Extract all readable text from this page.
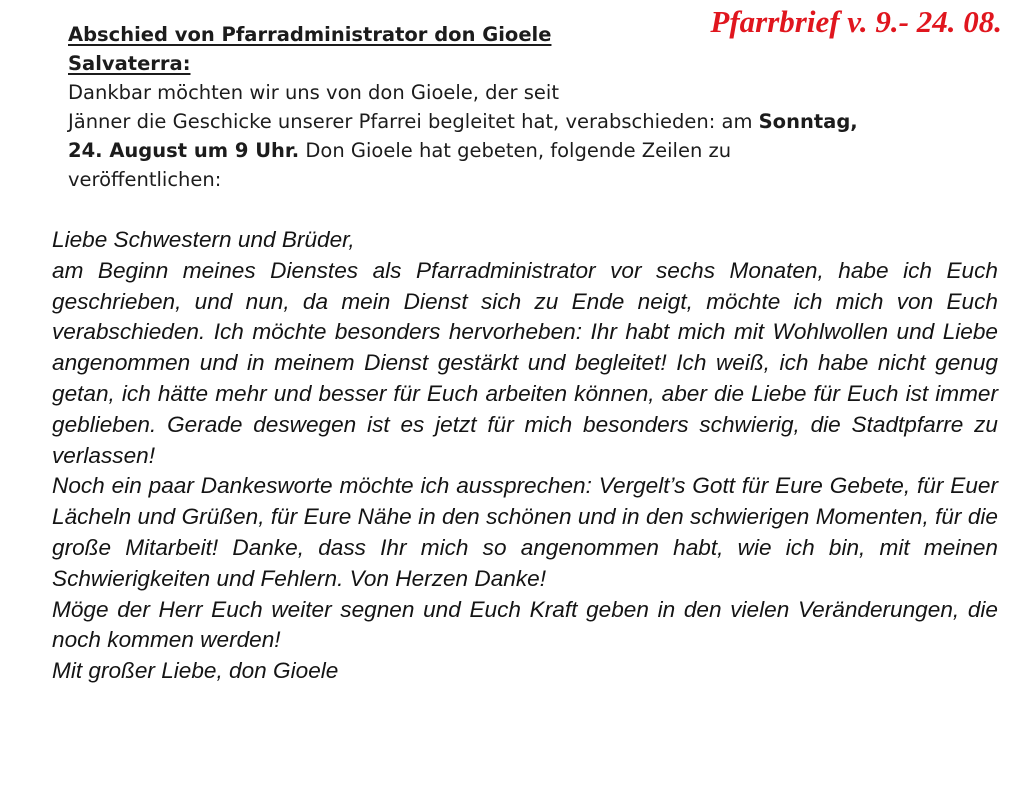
Pfarrbrief v. 9.- 24. 08.
Abschied von Pfarradministrator don Gioele
Salvaterra:
Dankbar möchten wir uns von don Gioele, der seit
Jänner die Geschicke unserer Pfarrei begleitet hat, verabschieden: am Sonntag,
24. August um 9 Uhr. Don Gioele hat gebeten, folgende Zeilen zu
veröffentlichen:

Liebe Schwestern und Brüder,

am Beginn meines Dienstes als Pfarradministrator vor sechs Monaten, habe ich Euch geschrieben, und nun, da mein Dienst sich zu Ende neigt, möchte ich mich von Euch verabschieden. Ich möchte besonders hervorheben: Ihr habt mich mit Wohlwollen und Liebe angenommen und in meinem Dienst gestärkt und begleitet! Ich weiß, ich habe nicht genug getan, ich hätte mehr und besser für Euch arbeiten können, aber die Liebe für Euch ist immer geblieben. Gerade deswegen ist es jetzt für mich besonders schwierig, die Stadtpfarre zu verlassen!

Noch ein paar Dankesworte möchte ich aussprechen: Vergelt’s Gott für Eure Gebete, für Euer Lächeln und Grüßen, für Eure Nähe in den schönen und in den schwierigen Momenten, für die große Mitarbeit! Danke, dass Ihr mich so angenommen habt, wie ich bin, mit meinen Schwierigkeiten und Fehlern. Von Herzen Danke!

Möge der Herr Euch weiter segnen und Euch Kraft geben in den vielen Veränderungen, die noch kommen werden!

Mit großer Liebe, don Gioele
